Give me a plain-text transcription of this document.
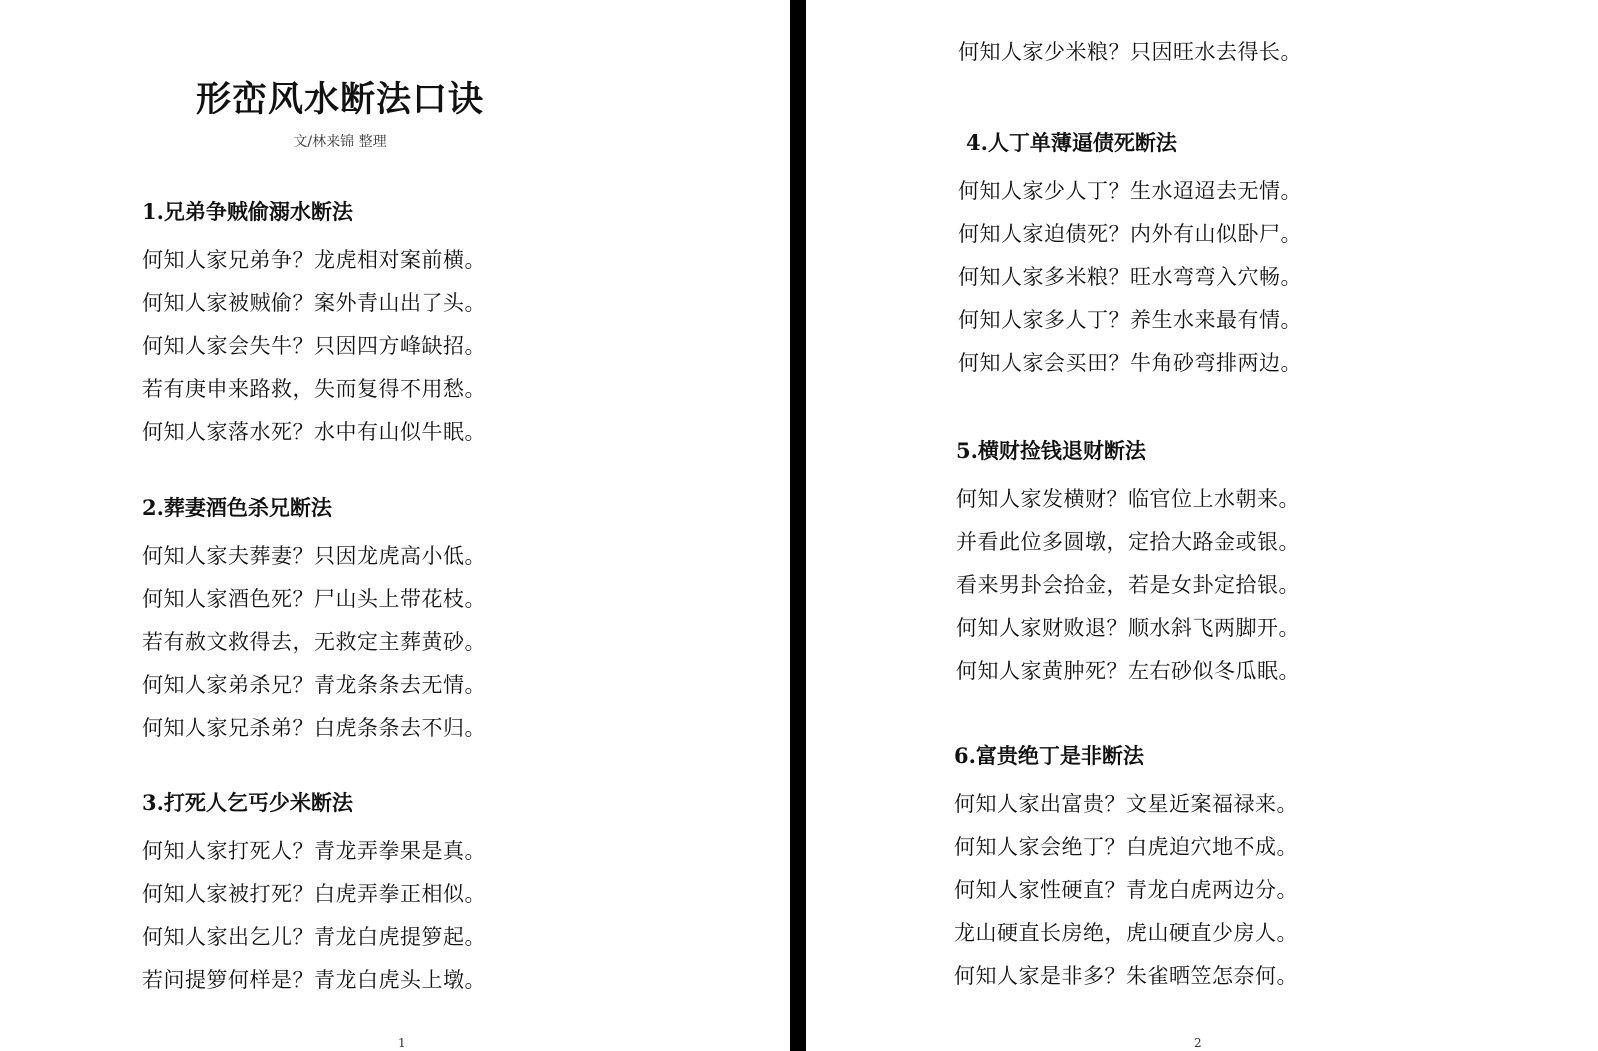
形峦风水断法口诀
文/林来锦 整理
1.兄弟争贼偷溺水断法
何知人家兄弟争？龙虎相对案前横。
何知人家被贼偷？案外青山出了头。
何知人家会失牛？只因四方峰缺招。
若有庚申来路救，失而复得不用愁。
何知人家落水死？水中有山似牛眠。
2.葬妻酒色杀兄断法
何知人家夫葬妻？只因龙虎高小低。
何知人家酒色死？尸山头上带花枝。
若有赦文救得去，无救定主葬黄砂。
何知人家弟杀兄？青龙条条去无情。
何知人家兄杀弟？白虎条条去不归。
3.打死人乞丐少米断法
何知人家打死人？青龙弄拳果是真。
何知人家被打死？白虎弄拳正相似。
何知人家出乞儿？青龙白虎提箩起。
若问提箩何样是？青龙白虎头上墩。
1
何知人家少米粮？只因旺水去得长。
4.人丁单薄逼债死断法
何知人家少人丁？生水迢迢去无情。
何知人家迫债死？内外有山似卧尸。
何知人家多米粮？旺水弯弯入穴畅。
何知人家多人丁？养生水来最有情。
何知人家会买田？牛角砂弯排两边。
5.横财捡钱退财断法
何知人家发横财？临官位上水朝来。
并看此位多圆墩，定拾大路金或银。
看来男卦会拾金，若是女卦定拾银。
何知人家财败退？顺水斜飞两脚开。
何知人家黄肿死？左右砂似冬瓜眠。
6.富贵绝丁是非断法
何知人家出富贵？文星近案福禄来。
何知人家会绝丁？白虎迫穴地不成。
何知人家性硬直？青龙白虎两边分。
龙山硬直长房绝，虎山硬直少房人。
何知人家是非多？朱雀晒笠怎奈何。
2
